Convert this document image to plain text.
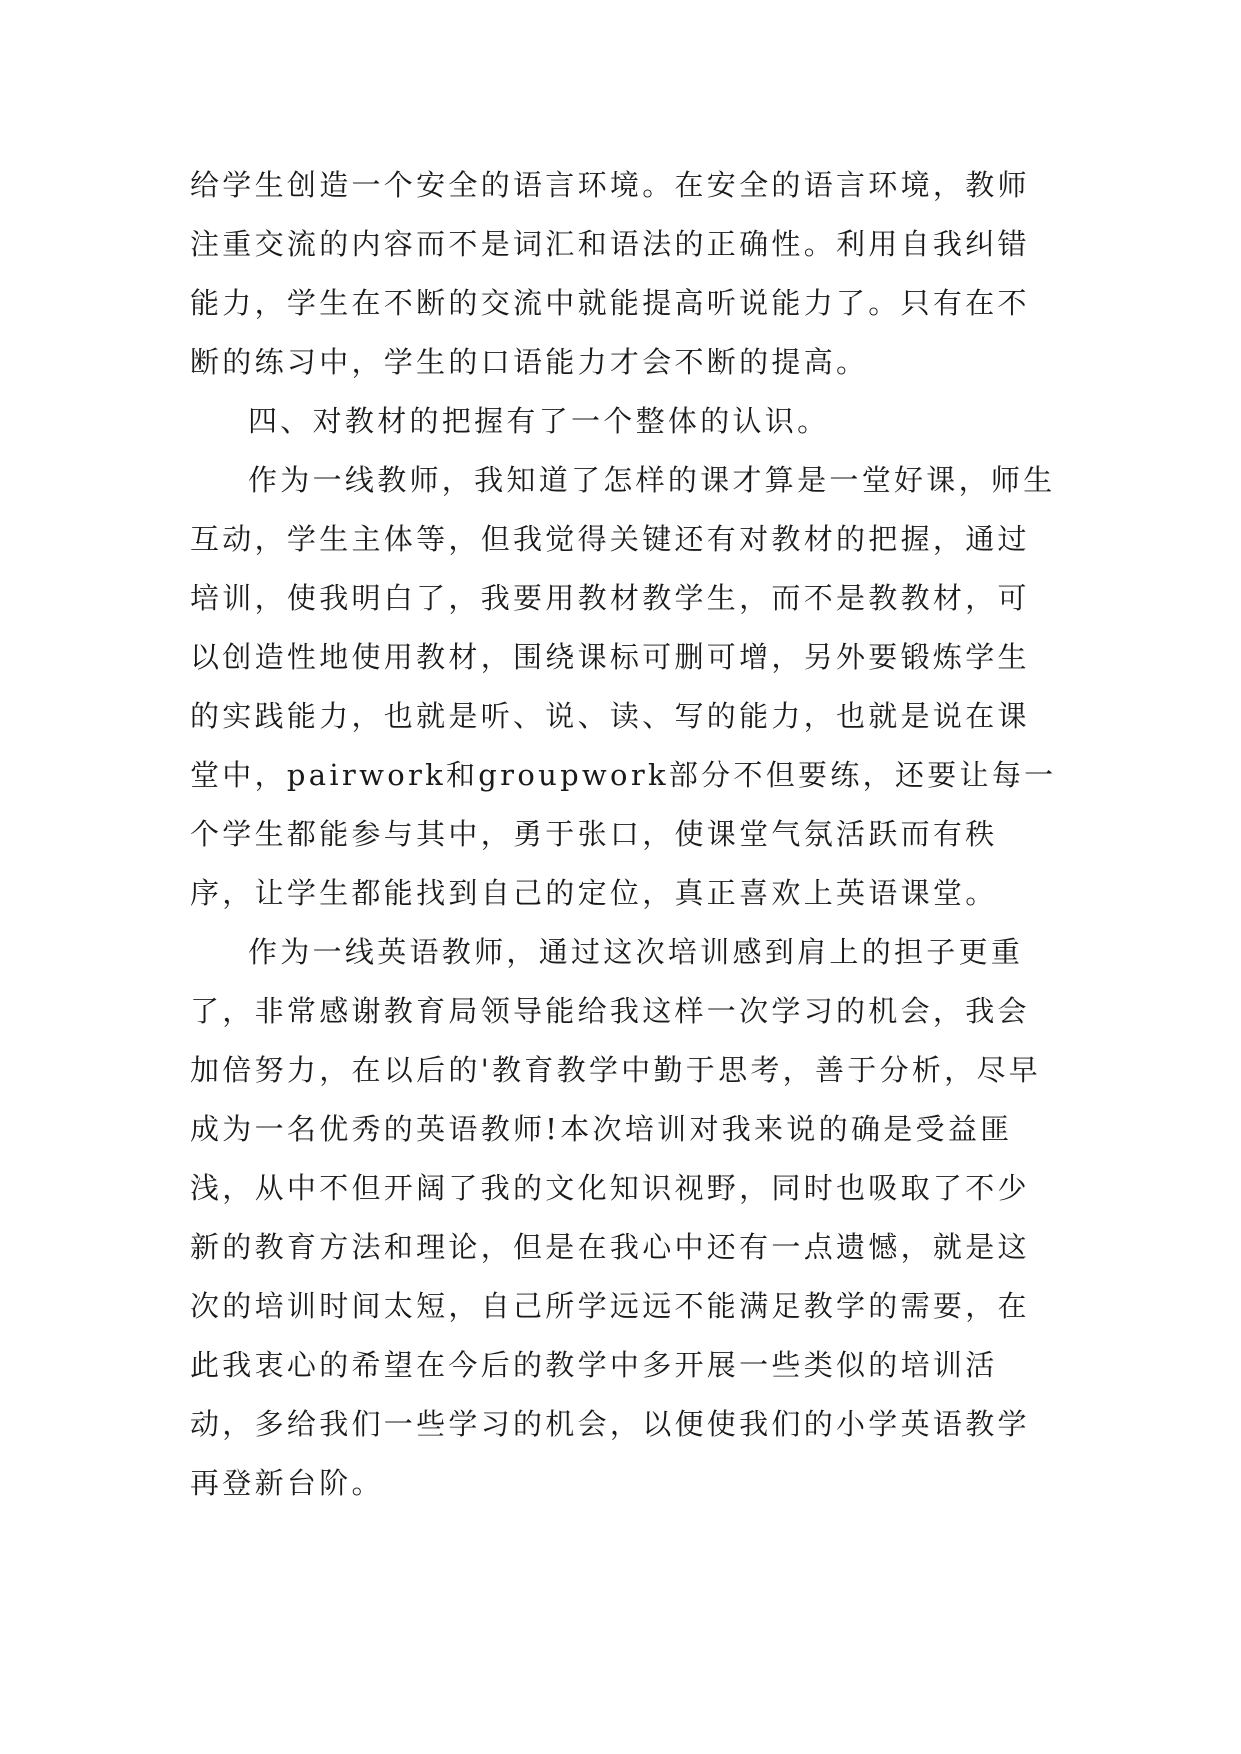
给学生创造一个安全的语言环境。在安全的语言环境，教师注重交流的内容而不是词汇和语法的正确性。利用自我纠错能力，学生在不断的交流中就能提高听说能力了。只有在不断的练习中，学生的口语能力才会不断的提高。

四、对教材的把握有了一个整体的认识。

作为一线教师，我知道了怎样的课才算是一堂好课，师生互动，学生主体等，但我觉得关键还有对教材的把握，通过培训，使我明白了，我要用教材教学生，而不是教教材，可以创造性地使用教材，围绕课标可删可增，另外要锻炼学生的实践能力，也就是听、说、读、写的能力，也就是说在课堂中，pairwork和groupwork部分不但要练，还要让每一个学生都能参与其中，勇于张口，使课堂气氛活跃而有秩序，让学生都能找到自己的定位，真正喜欢上英语课堂。

作为一线英语教师，通过这次培训感到肩上的担子更重了，非常感谢教育局领导能给我这样一次学习的机会，我会加倍努力，在以后的'教育教学中勤于思考，善于分析，尽早成为一名优秀的英语教师!本次培训对我来说的确是受益匪浅，从中不但开阔了我的文化知识视野，同时也吸取了不少新的教育方法和理论，但是在我心中还有一点遗憾，就是这次的培训时间太短，自己所学远远不能满足教学的需要，在此我衷心的希望在今后的教学中多开展一些类似的培训活动，多给我们一些学习的机会，以便使我们的小学英语教学再登新台阶。
